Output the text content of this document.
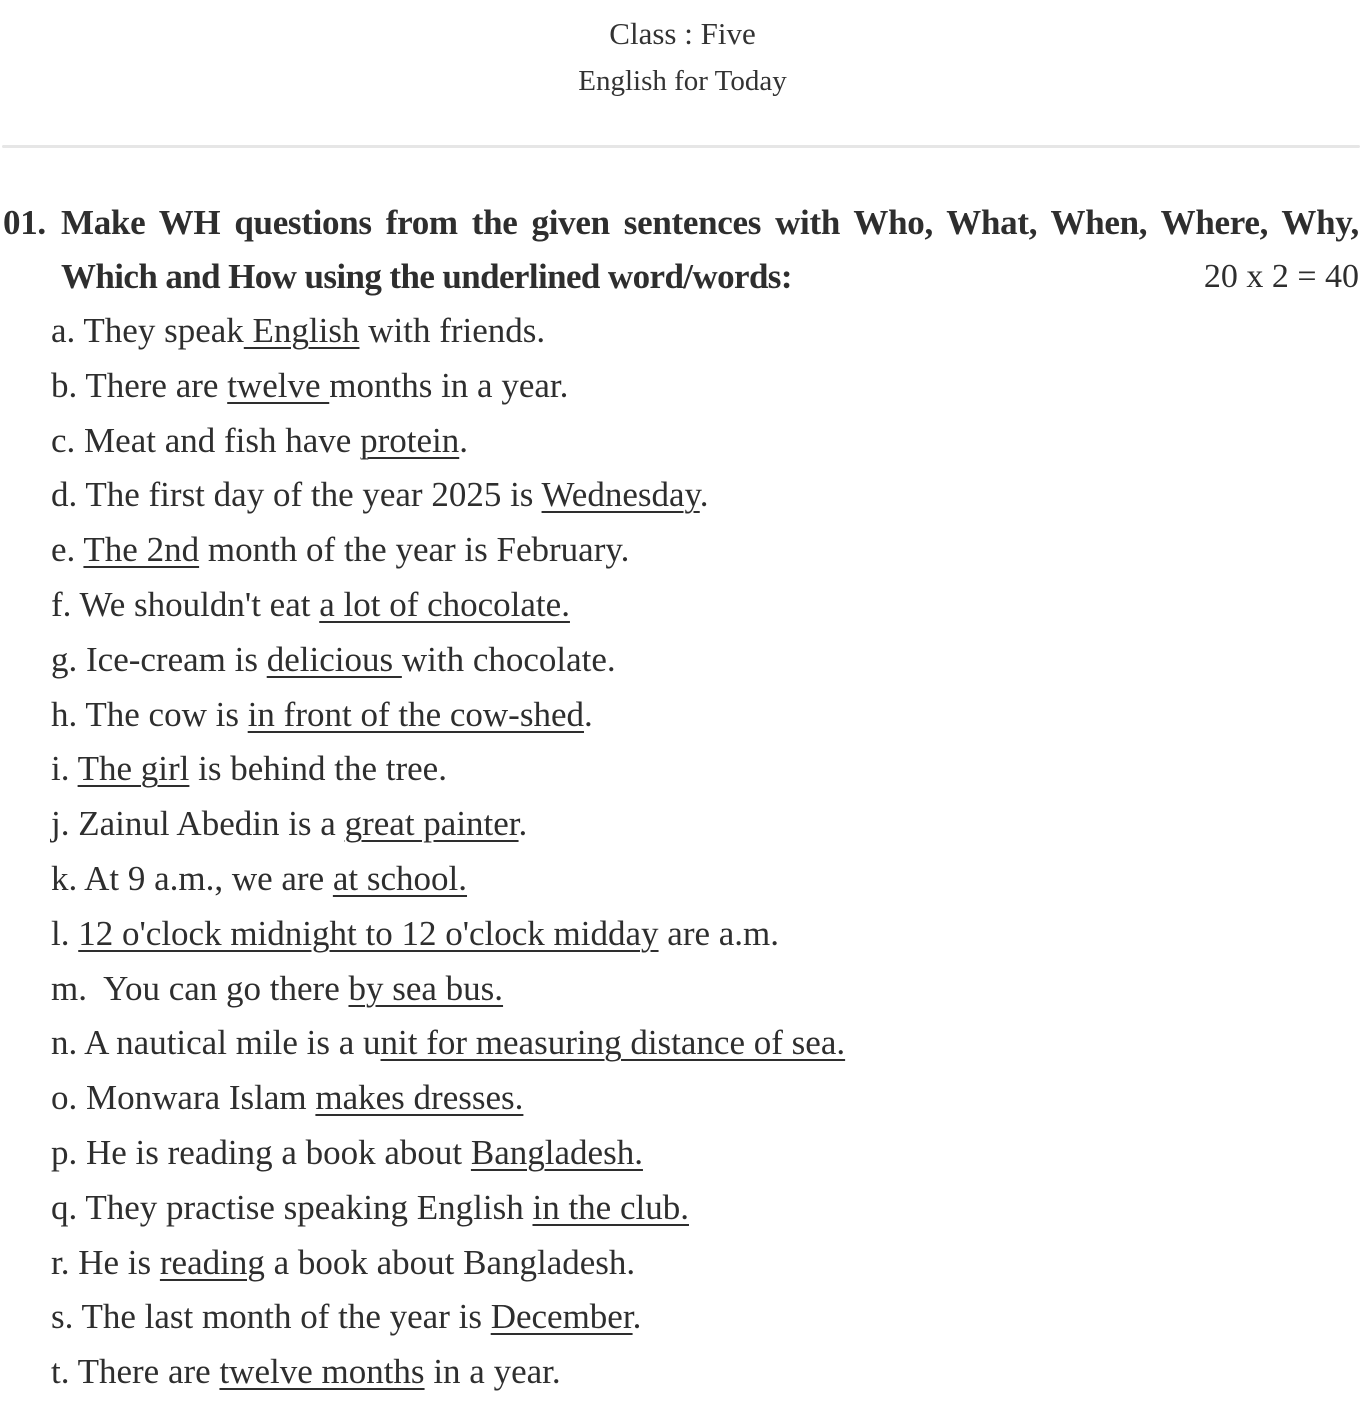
Class : Five
English for Today
01. Make WH questions from the given sentences with Who, What, When, Where, Why,
Which and How using the underlined word/words:	20 x 2 = 40
a. They speak English with friends.
b. There are twelve months in a year.
c. Meat and fish have protein.
d. The first day of the year 2025 is Wednesday.
e. The 2nd month of the year is February.
f. We shouldn't eat a lot of chocolate.
g. Ice-cream is delicious with chocolate.
h. The cow is in front of the cow-shed.
i. The girl is behind the tree.
j. Zainul Abedin is a great painter.
k. At 9 a.m., we are at school.
l. 12 o'clock midnight to 12 o'clock midday are a.m.
m.  You can go there by sea bus.
n. A nautical mile is a unit for measuring distance of sea.
o. Monwara Islam makes dresses.
p. He is reading a book about Bangladesh.
q. They practise speaking English in the club.
r. He is reading a book about Bangladesh.
s. The last month of the year is December.
t. There are twelve months in a year.
